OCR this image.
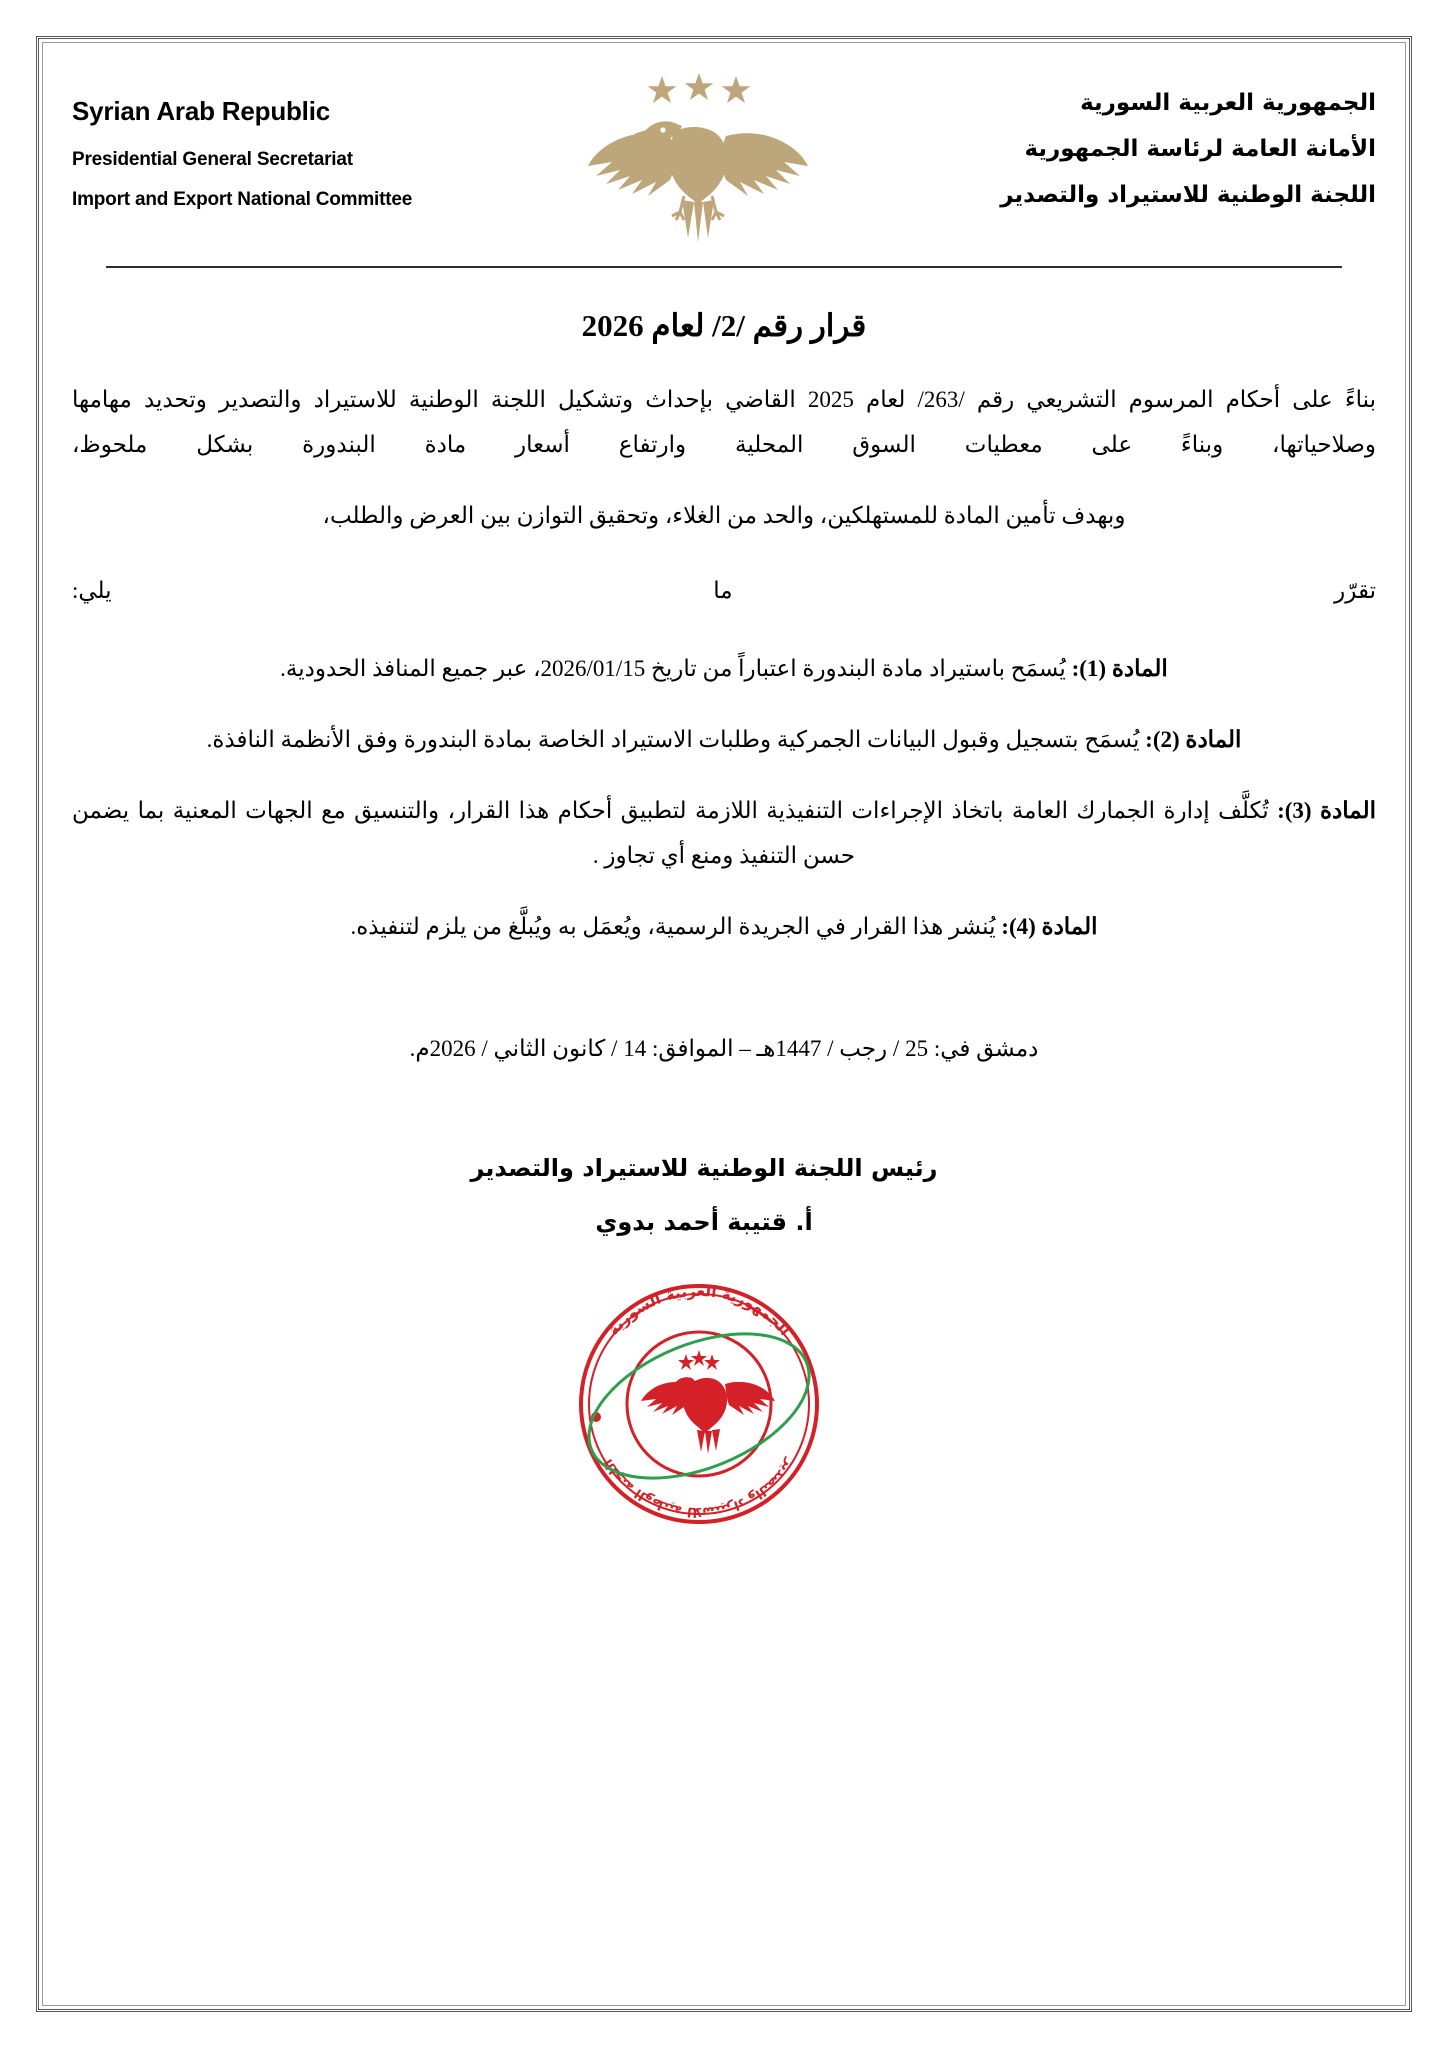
Syrian Arab Republic
Presidential General Secretariat
Import and Export National Committee
الجمهورية العربية السورية
الأمانة العامة لرئاسة الجمهورية
اللجنة الوطنية للاستيراد والتصدير
قرار رقم /2/ لعام 2026

بناءً على أحكام المرسوم التشريعي رقم /263/ لعام 2025 القاضي بإحداث وتشكيل اللجنة الوطنية للاستيراد والتصدير وتحديد مهامها وصلاحياتها، وبناءً على معطيات السوق المحلية وارتفاع أسعار مادة البندورة بشكل ملحوظ،

وبهدف تأمين المادة للمستهلكين، والحد من الغلاء، وتحقيق التوازن بين العرض والطلب،

تقرّر ما يلي:

المادة (1): يُسمَح باستيراد مادة البندورة اعتباراً من تاريخ 2026/01/15، عبر جميع المنافذ الحدودية.

المادة (2): يُسمَح بتسجيل وقبول البيانات الجمركية وطلبات الاستيراد الخاصة بمادة البندورة وفق الأنظمة النافذة.

المادة (3): تُكلَّف إدارة الجمارك العامة باتخاذ الإجراءات التنفيذية اللازمة لتطبيق أحكام هذا القرار، والتنسيق مع الجهات المعنية بما يضمن حسن التنفيذ ومنع أي تجاوز .

المادة (4): يُنشر هذا القرار في الجريدة الرسمية، ويُعمَل به ويُبلَّغ من يلزم لتنفيذه.

دمشق في: 25 / رجب / 1447هـ – الموافق: 14 / كانون الثاني / 2026م.
رئيس اللجنة الوطنية للاستيراد والتصدير
أ. قتيبة أحمد بدوي
الجمهورية العربية السورية
اللجنة الوطنية للاستيراد والتصدير
